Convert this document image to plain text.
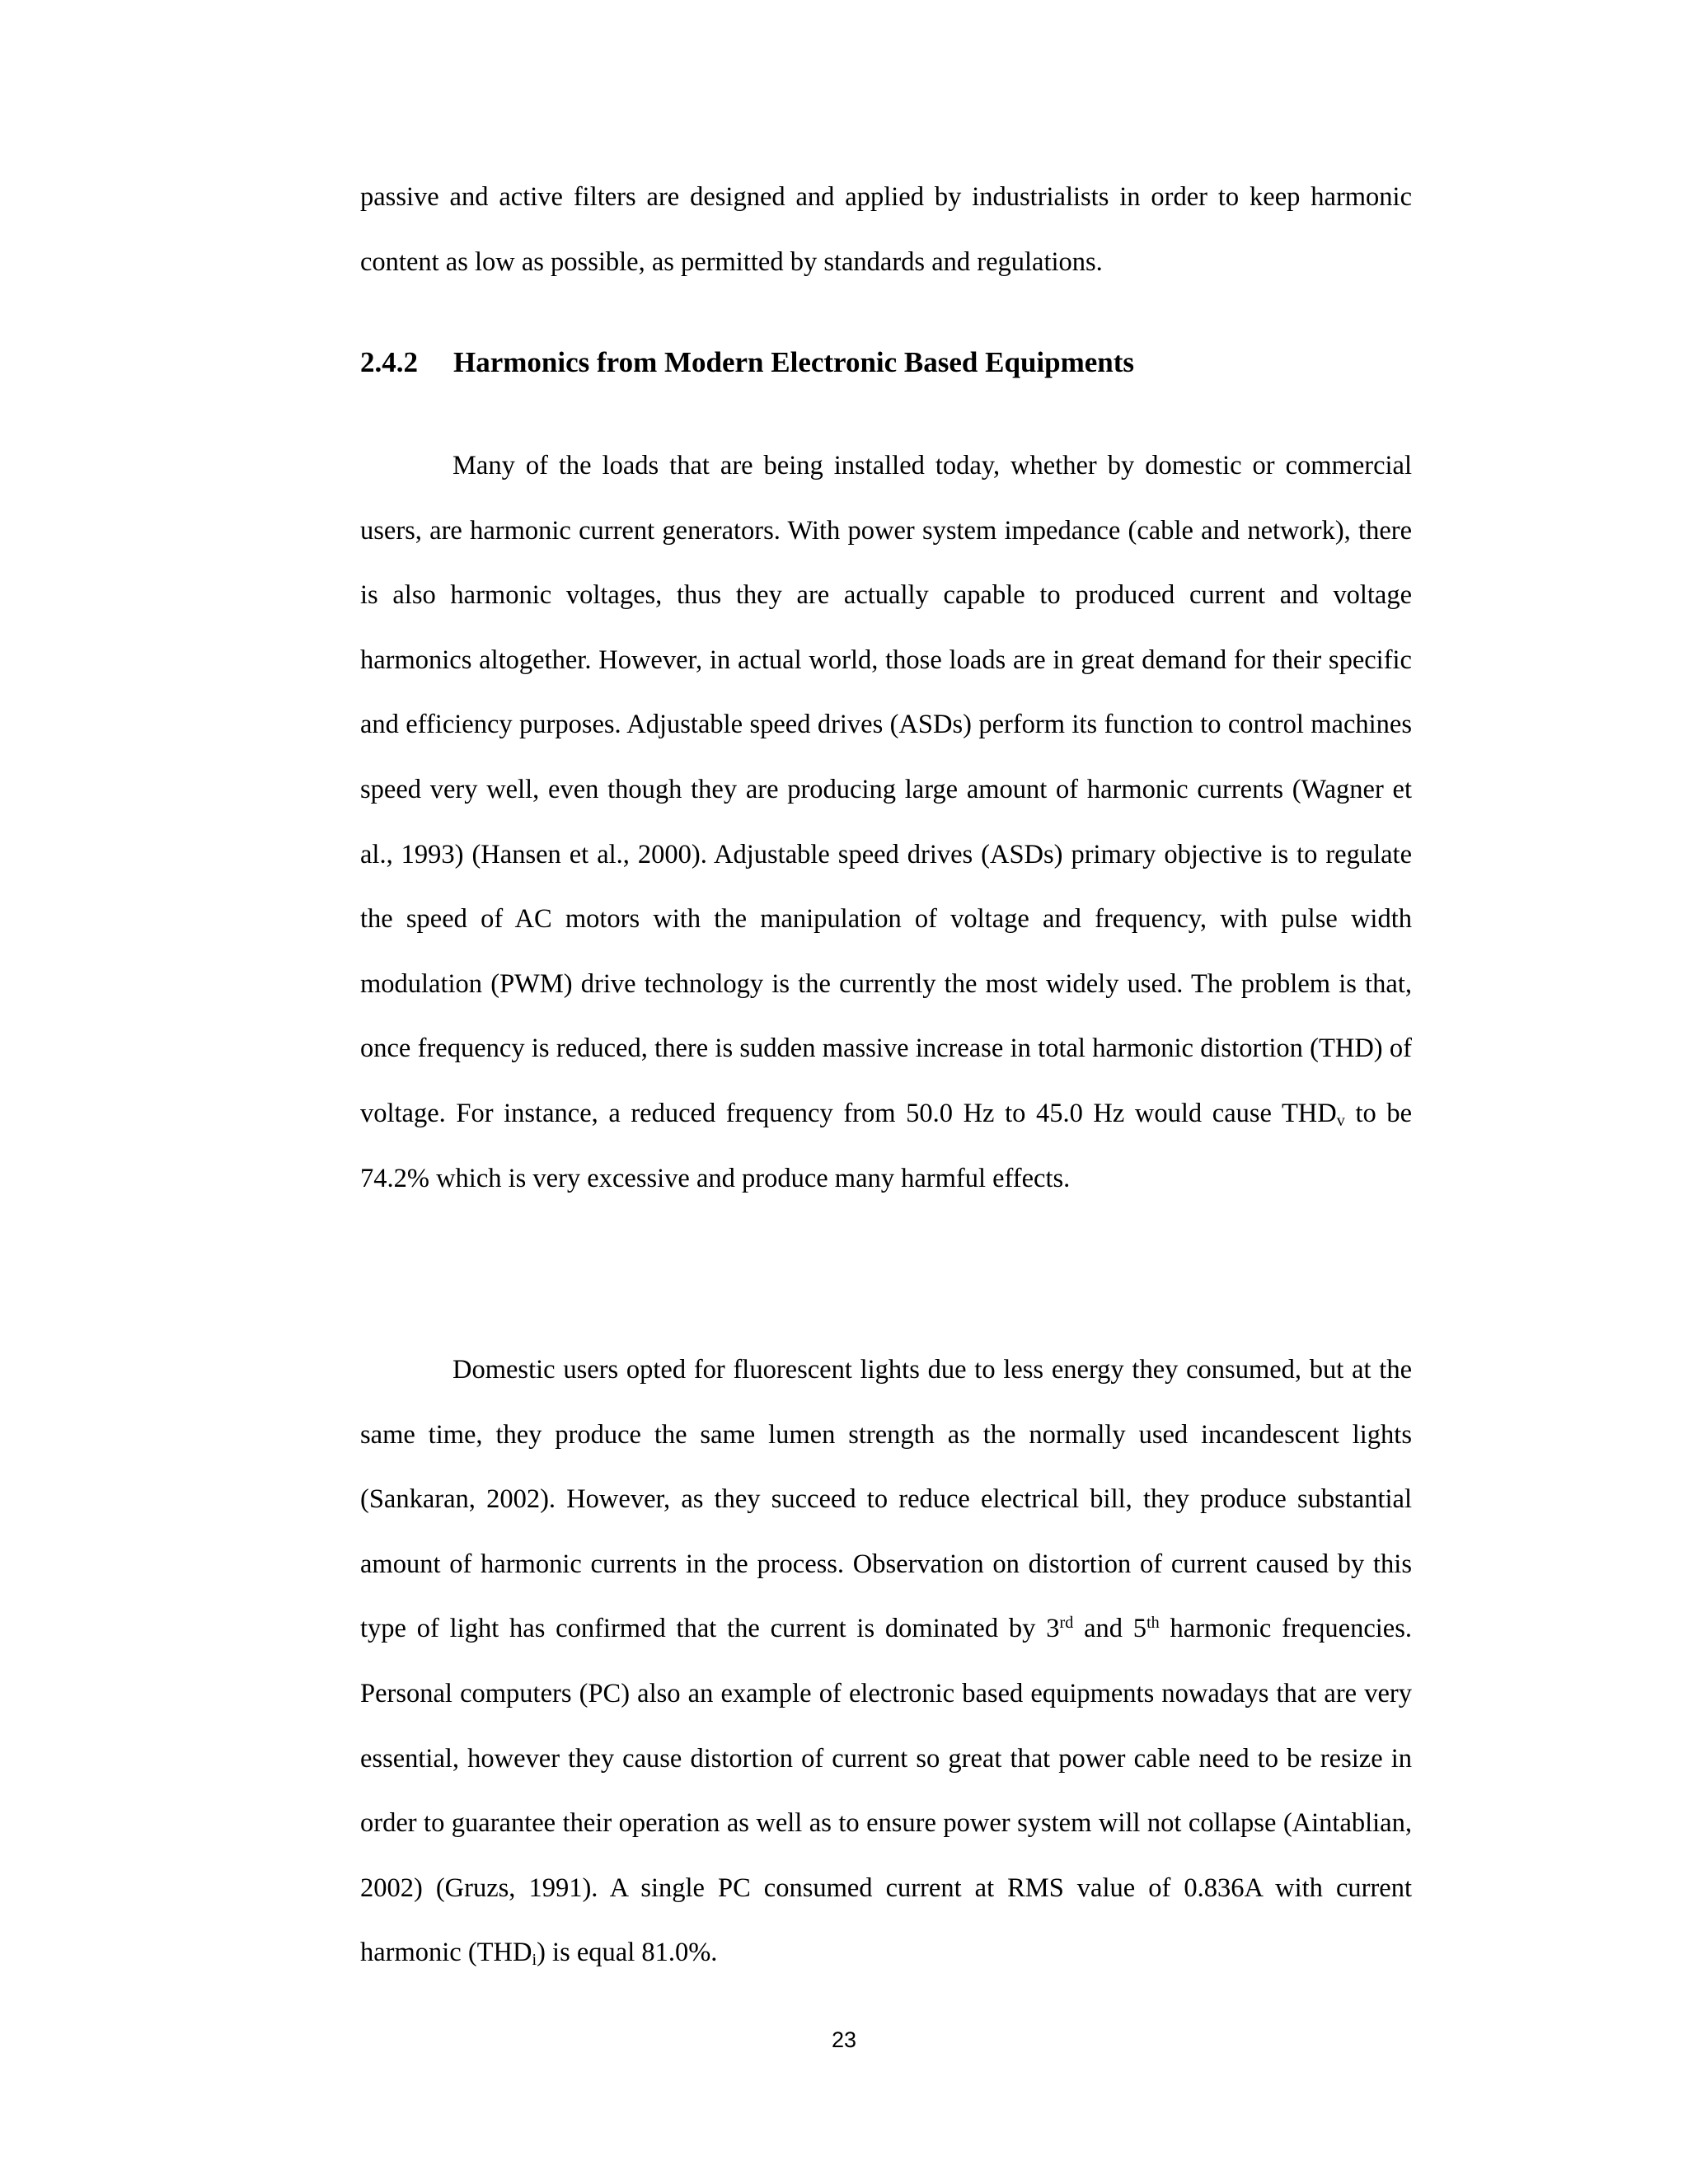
passive and active filters are designed and applied by industrialists in order to keep harmonic content as low as possible, as permitted by standards and regulations.

2.4.2 Harmonics from Modern Electronic Based Equipments

Many of the loads that are being installed today, whether by domestic or commercial users, are harmonic current generators. With power system impedance (cable and network), there is also harmonic voltages, thus they are actually capable to produced current and voltage harmonics altogether. However, in actual world, those loads are in great demand for their specific and efficiency purposes. Adjustable speed drives (ASDs) perform its function to control machines speed very well, even though they are producing large amount of harmonic currents (Wagner et al., 1993) (Hansen et al., 2000). Adjustable speed drives (ASDs) primary objective is to regulate the speed of AC motors with the manipulation of voltage and frequency, with pulse width modulation (PWM) drive technology is the currently the most widely used. The problem is that, once frequency is reduced, there is sudden massive increase in total harmonic distortion (THD) of voltage. For instance, a reduced frequency from 50.0 Hz to 45.0 Hz would cause $THD_v$ to be 74.2% which is very excessive and produce many harmful effects.

Domestic users opted for fluorescent lights due to less energy they consumed, but at the same time, they produce the same lumen strength as the normally used incandescent lights (Sankaran, 2002). However, as they succeed to reduce electrical bill, they produce substantial amount of harmonic currents in the process. Observation on distortion of current caused by this type of light has confirmed that the current is dominated by 3rd and 5th harmonic frequencies. Personal computers (PC) also an example of electronic based equipments nowadays that are very essential, however they cause distortion of current so great that power cable need to be resize in order to guarantee their operation as well as to ensure power system will not collapse (Aintablian, 2002) (Gruzs, 1991). A single PC consumed current at RMS value of 0.836A with current harmonic $(THD_i)$ is equal 81.0%.

23
